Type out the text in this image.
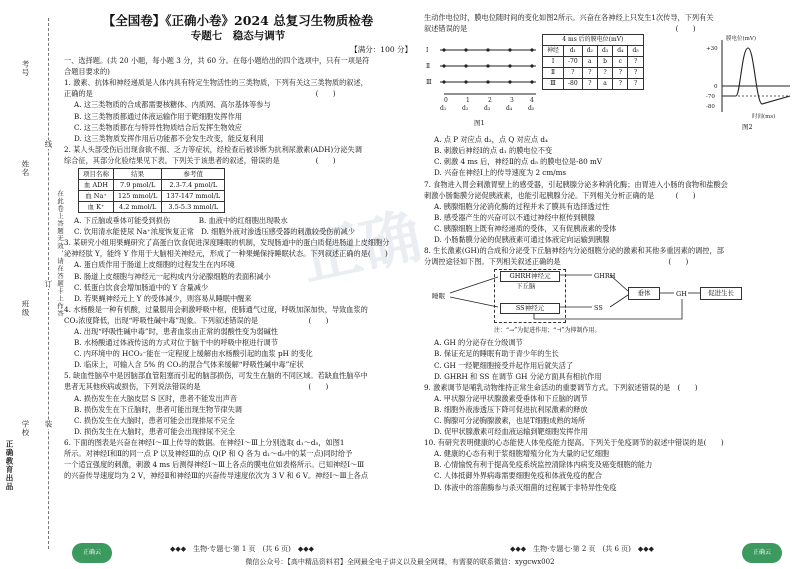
正确
考号
姓名
班级
学校
正确教育出品
线
订
装
在此卷上答题无效，请在答题卡上作答
【全国卷】《正确小卷》2024 总复习生物质检卷
专题七　稳态与调节
【满分：100 分】

一、选择题。(共 20 小题，每小题 3 分，共 60 分。在每小题给出的四个选项中，只有一项是符

合题目要求的)

1. 激素、抗体和神经递质是人体内具有特定生物活性的三类物质，下列有关这三类物质的叙述，

正确的是　　　　　　　　　　　　　　　　　　　　　　　　　　　　　　　(　　)

A. 这三类物质的合成都需要核糖体、内质网、高尔基体等参与

B. 这三类物质都通过体液运输作用于靶细胞发挥作用

C. 这三类物质都在与特异性物质结合后发挥生物效应

D. 这三类物质发挥作用后功能都不会发生改变，能反复利用

2. 某人头部受伤后出现食欲不振、乏力等症状，经检查后被诊断为抗利尿激素(ADH)分泌失调

综合征，其部分化验结果见下表。下列关于该患者的叙述，错误的是　　　　　(　　)

项目名称	结果	参考值
血 ADH	7.9 pmol/L	2.3-7.4 pmol/L
血 Na⁺	125 mmol/L	137-147 mmol/L
血 K⁺	4.2 mmol/L	3.5-5.3 mmol/L

A. 下丘脑或垂体可能受到损伤　　　　B. 血液中的红细胞出现吸水

C. 饮用清水能使尿 Na⁺浓度恢复正常　D. 细胞外液对渗透压感受器的刺激较受伤前减少

3. 某研究小组用果蝇研究了高蛋白饮食促进深度睡眠的机制，发现肠道中的蛋白质促进肠道上皮细胞分

泌神经肽 Y，能终 Y 作用于大脑相关神经元，形成了一种果蝇保持睡眠状态。下列叙述正确的是(　　)

A. 蛋白质作用于肠道上皮细胞的过程发生在内环境

B. 肠道上皮细胞与神经元一起构成内分泌腺细胞的表面积减小

C. 低蛋白饮食会增加肠道中的 Y 含量减少

D. 若果蝇神经元上 Y 的受体减少，则容易从睡眠中醒来

4. 水杨酸是一种有机酸，过量服用会刺激呼吸中枢，使肺通气过度，呼吸加深加快，导致血浆的

CO₂浓度降低，出现“呼吸性碱中毒”现象。下列叙述错误的是　　　　　　　(　　)

A. 出现“呼吸性碱中毒”时，患者血浆由正常的弱酸性变为弱碱性

B. 水杨酸通过体液传送的方式对位于脑干中的呼吸中枢进行调节

C. 内环境中的 HCO₃⁻能在一定程度上缓解由水杨酸引起的血浆 pH 的变化

D. 临床上，可输入含 5% 的 CO₂的混合气体来缓解“呼吸性碱中毒”症状

5. 缺血性脑卒中是因脑部血管阻塞而引起的脑部损伤，可发生在脑的不同区域。若缺血性脑卒中

患者无其他疾病或损伤，下列说法错误的是　　　　　　　　　　　　　　　(　　)

A. 损伤发生在大脑皮层 S 区时，患者不能发出声音

B. 损伤发生在下丘脑时，患者可能出现生物节律失调

C. 损伤发生在大脑时，患者可能会出现排尿不完全

D. 损伤发生在大脑时，患者可能会出现排尿不完全

6. 下面的图表是兴奋在神经Ⅰ～Ⅲ上传导的数据。在神经Ⅰ～Ⅲ上分别选取 d₁～d₅，如图1

所示。对神经Ⅰ和Ⅱ的同一点 P 以及神经Ⅲ的点 Q(P 和 Q 各为 d₁～d₅中的某一点)同时给予

一个适宜强度的刺激，刺激 4 ms 后测得神经Ⅰ～Ⅲ上各点的膜电位如表格所示。已知神经Ⅰ～Ⅲ

的兴奋传导速度均为 2 V，神经Ⅱ和神经Ⅲ的兴奋传导速度依次为 3 V 和 6 V。神经Ⅰ～Ⅲ上各点

生动作电位时，膜电位随时间的变化如图2所示。兴奋在各神经上只发生1次传导，下列有关

叙述错误的是　　　　　　　　　　　　　　　　　　　　　　　　　　　　　(　　)

Ⅰ
Ⅱ
Ⅲ
0	1	2	3	4
d₁	d₂	d₃	d₄	d₅
图1
4 ms 后的膜电位(mV)					
神经	d₁	d₂	d₃	d₄	d₅
Ⅰ	-70	a	b	c	?
Ⅱ	?	?	?	?	?
Ⅲ	-80	?	a	?	?
+30
0
-70
-80
膜电位(mV)
时间(ms)
图2

A. 点 P 对应点 d₂，点 Q 对应点 d₄

B. 刺激后神经Ⅰ的点 d₁ 的膜电位不变

C. 刺激 4 ms 后，神经Ⅱ的点 d₅ 的膜电位是-80 mV

D. 兴奋在神经Ⅰ上的传导速度为 2 cm/ms

7. 食物进入胃会刺激胃壁上的感受器，引起胰腺分泌多种消化酶；由胃进入小肠的食物和盐酸会

刺激小肠黏膜分泌促胰液素，也能引起胰腺分泌。下列相关分析正确的是　　　(　　)

A. 胰腺细胞分泌消化酶的过程并未了膜具有选择透过性

B. 感受器产生的兴奋可以不通过神经中枢传到胰腺

C. 胰腺细胞上既有神经递质的受体，又有促胰液素的受体

D. 小肠黏膜分泌的促胰液素可通过体液定向运输到胰腺

8. 生长激素(GH)的合成和分泌受下丘脑神经内分泌细胞分泌的激素和其他多重因素的调控，部

分调控途径如下图。下列相关叙述正确的是　　　　　　　　　　　　　　　(　　)

下丘脑
GHRH神经元
SS神经元
睡眠
GHRH
SS
垂体	GH	促进生长
注：“→”为促进作用；“⊣”为抑制作用。

A. GH 的分泌存在分级调节

B. 保证充足的睡眠有助于青少年的生长

C. GH 一经靶细胞接受并起作用后就失活了

D. GHRH 和 SS 在调节 GH 分泌方面具有相抗作用

9. 激素调节是哺乳动物维持正常生命活动的重要调节方式。下列叙述错误的是　(　　)

A. 甲状腺分泌甲状腺激素受垂体和下丘脑的调节

B. 细胞外液渗透压下降可促进抗利尿激素的释放

C. 胸腺可分泌胸腺激素，也是T细胞成熟的场所

D. 促甲状腺激素可经血液运输到靶细胞发挥作用

10. 有研究表明健康的心态能使人体免疫能力提高。下列关于免疫调节的叙述中错误的是(　　)

A. 健康的心态有利于浆细胞增殖分化为大量的记忆细胞

B. 心情愉悦有利于提高免疫系统监控清除体内病变及癌变细胞的能力

C. 人体抵御外界病毒需要细胞免疫和体液免疫的配合

D. 体液中的溶菌酶参与杀灭细菌的过程属于非特异性免疫

正确云	◆◆◆　生物·专题七·第 1 页　(共 6 页)　◆◆◆	◆◆◆　生物·专题七·第 2 页　(共 6 页)　◆◆◆	正确云
微信公众号：【高中精品资料君】全网最全电子讲义以及最全网课，有需要的联系微信：xygcwx002
